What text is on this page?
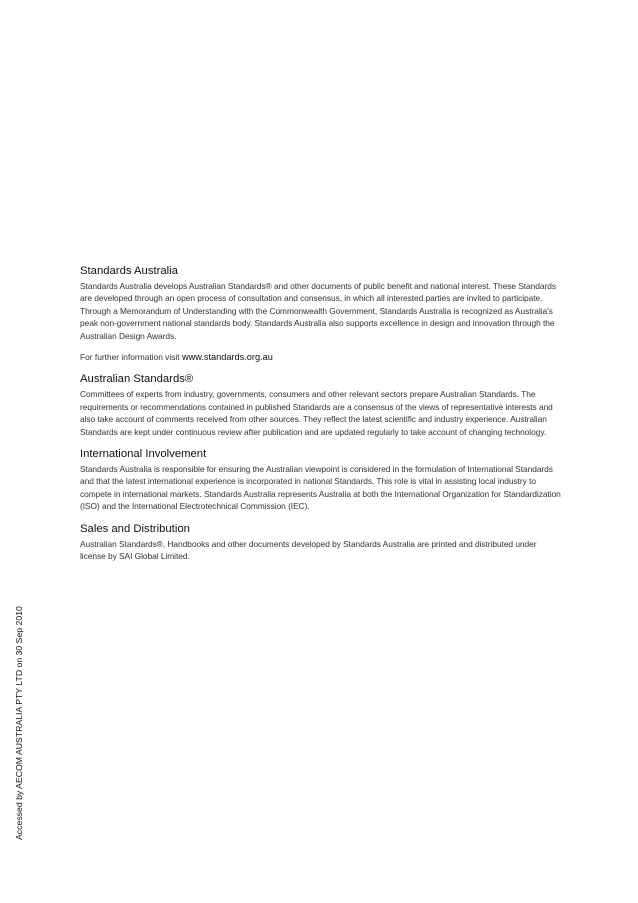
Standards Australia

Standards Australia develops Australian Standards® and other documents of public benefit and national interest. These Standards are developed through an open process of consultation and consensus, in which all interested parties are invited to participate. Through a Memorandum of Understanding with the Commonwealth Government, Standards Australia is recognized as Australia's peak non-government national standards body. Standards Australia also supports excellence in design and innovation through the Australian Design Awards.

For further information visit www.standards.org.au

Australian Standards®

Committees of experts from industry, governments, consumers and other relevant sectors prepare Australian Standards. The requirements or recommendations contained in published Standards are a consensus of the views of representative interests and also take account of comments received from other sources. They reflect the latest scientific and industry experience. Australian Standards are kept under continuous review after publication and are updated regularly to take account of changing technology.

International Involvement

Standards Australia is responsible for ensuring the Australian viewpoint is considered in the formulation of International Standards and that the latest international experience is incorporated in national Standards. This role is vital in assisting local industry to compete in international markets. Standards Australia represents Australia at both the International Organization for Standardization (ISO) and the International Electrotechnical Commission (IEC).

Sales and Distribution

Australian Standards®, Handbooks and other documents developed by Standards Australia are printed and distributed under license by SAI Global Limited.

Accessed by AECOM AUSTRALIA PTY LTD on 30 Sep 2010
